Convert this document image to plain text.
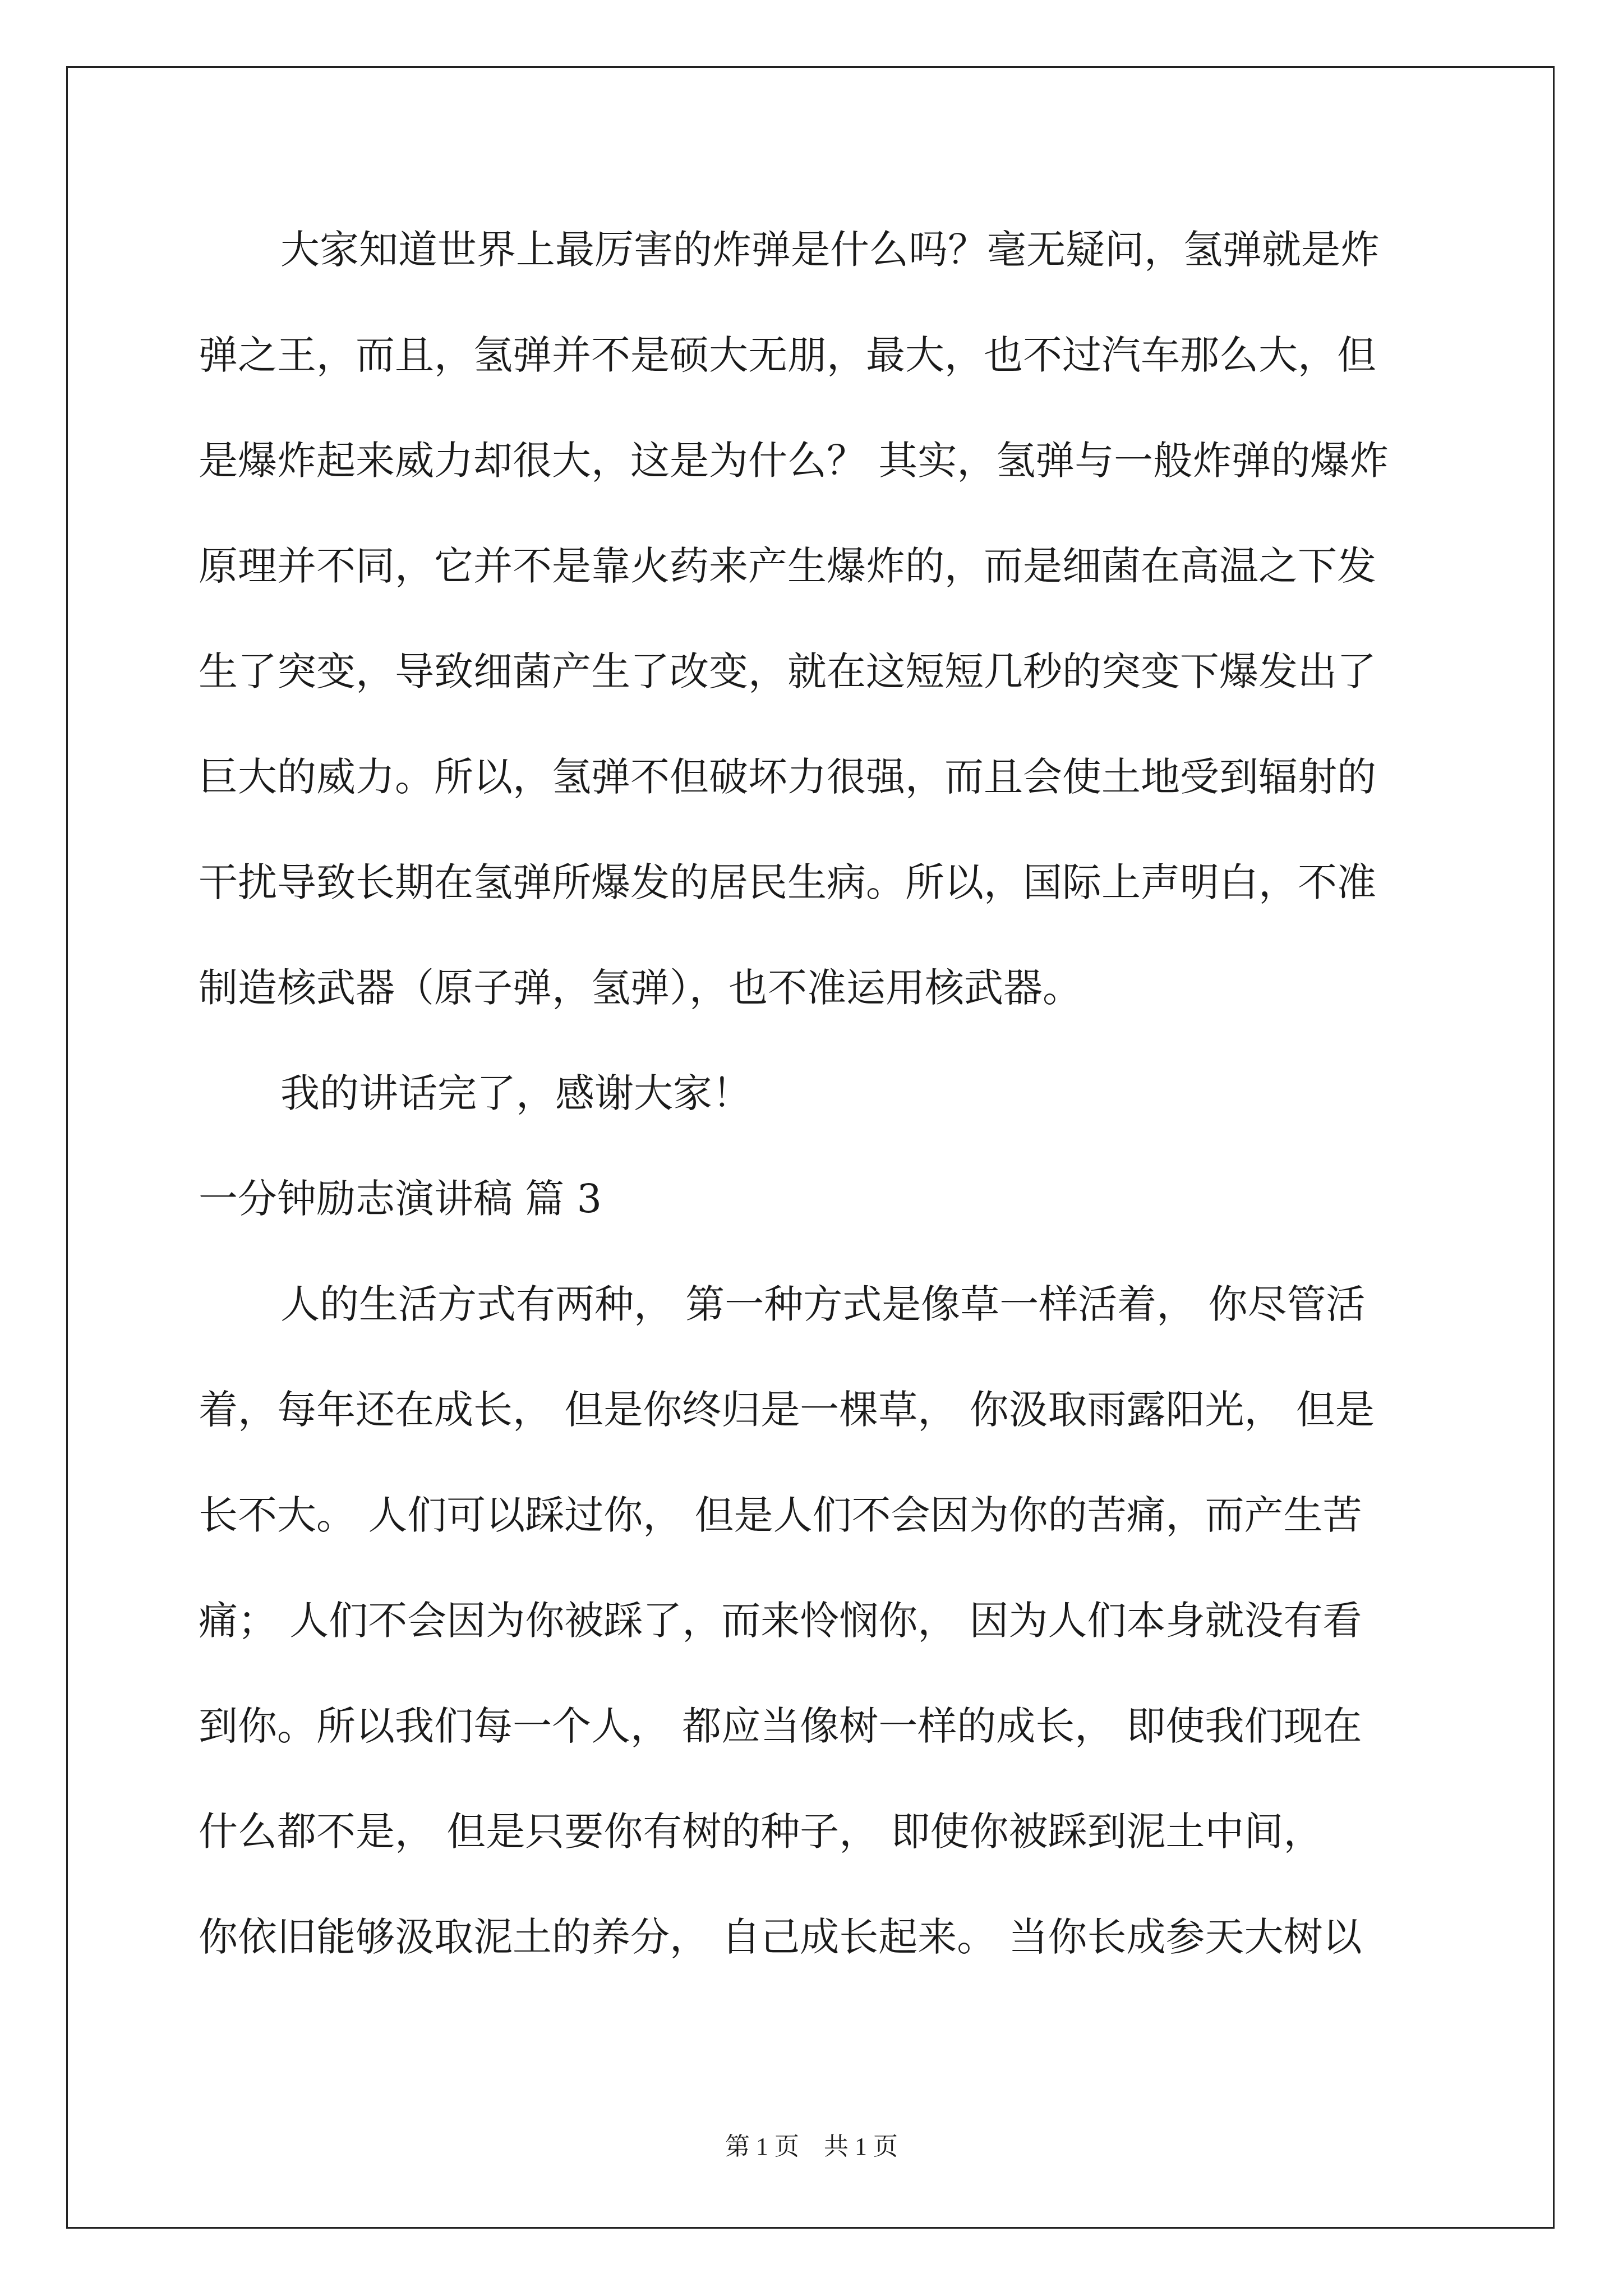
大家知道世界上最厉害的炸弹是什么吗？毫无疑问，氢弹就是炸
弹之王，而且，氢弹并不是硕大无朋，最大，也不过汽车那么大，但
是爆炸起来威力却很大，这是为什么？ 其实，氢弹与一般炸弹的爆炸
原理并不同，它并不是靠火药来产生爆炸的，而是细菌在高温之下发
生了突变，导致细菌产生了改变，就在这短短几秒的突变下爆发出了
巨大的威力。所以，氢弹不但破坏力很强，而且会使土地受到辐射的
干扰导致长期在氢弹所爆发的居民生病。所以，国际上声明白，不准
制造核武器（原子弹，氢弹），也不准运用核武器。
我的讲话完了，感谢大家！
一分钟励志演讲稿 篇 3
人的生活方式有两种， 第一种方式是像草一样活着， 你尽管活
着，每年还在成长， 但是你终归是一棵草， 你汲取雨露阳光， 但是
长不大。 人们可以踩过你， 但是人们不会因为你的苦痛，而产生苦
痛； 人们不会因为你被踩了，而来怜悯你， 因为人们本身就没有看
到你。所以我们每一个人， 都应当像树一样的成长， 即使我们现在
什么都不是， 但是只要你有树的种子， 即使你被踩到泥土中间，
你依旧能够汲取泥土的养分， 自己成长起来。 当你长成参天大树以
第 1 页　共 1 页
